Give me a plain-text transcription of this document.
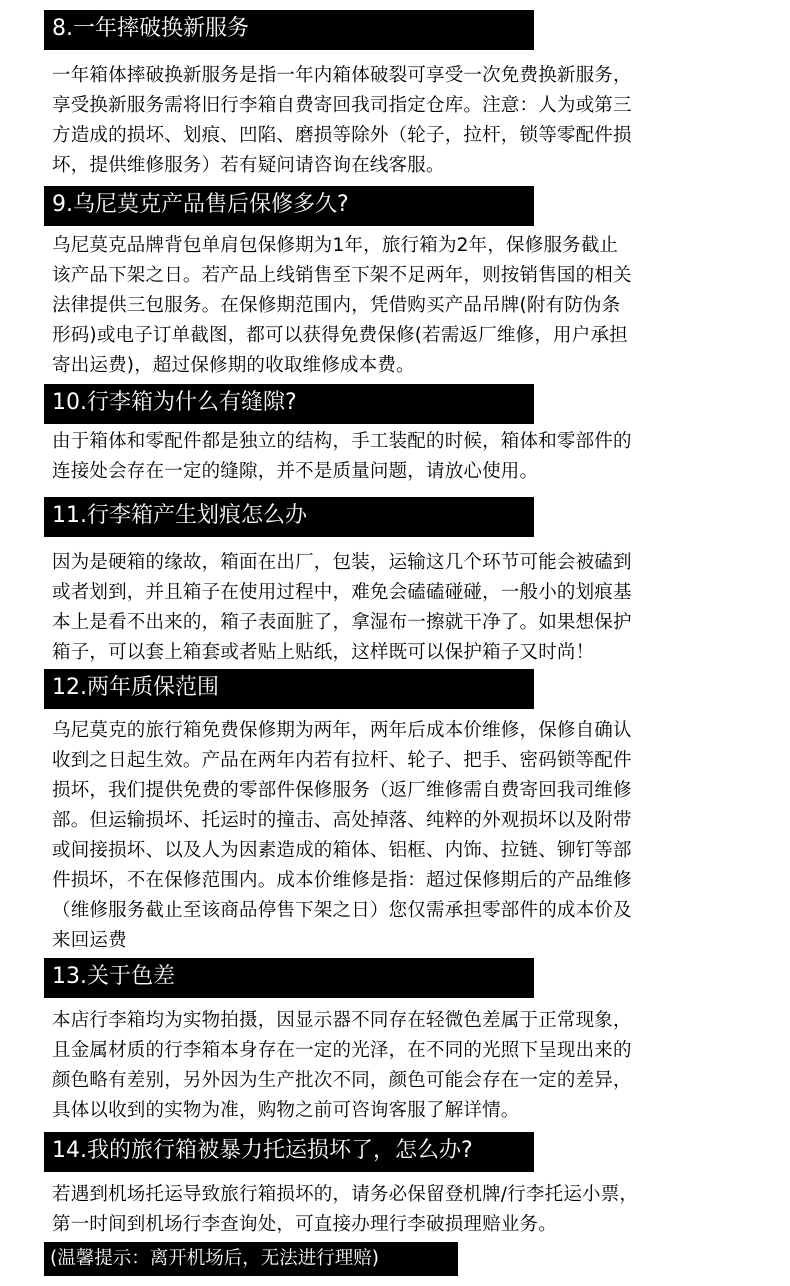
8.一年摔破换新服务
一年箱体摔破换新服务是指一年内箱体破裂可享受一次免费换新服务，
享受换新服务需将旧行李箱自费寄回我司指定仓库。注意：人为或第三
方造成的损坏、划痕、凹陷、磨损等除外（轮子，拉杆，锁等零配件损
坏，提供维修服务）若有疑问请咨询在线客服。
9.乌尼莫克产品售后保修多久?
乌尼莫克品牌背包单肩包保修期为1年，旅行箱为2年，保修服务截止
该产品下架之日。若产品上线销售至下架不足两年，则按销售国的相关
法律提供三包服务。在保修期范围内，凭借购买产品吊牌(附有防伪条
形码)或电子订单截图，都可以获得免费保修(若需返厂维修，用户承担
寄出运费)，超过保修期的收取维修成本费。
10.行李箱为什么有缝隙?
由于箱体和零配件都是独立的结构，手工装配的时候，箱体和零部件的
连接处会存在一定的缝隙，并不是质量问题，请放心使用。
11.行李箱产生划痕怎么办
因为是硬箱的缘故，箱面在出厂，包装，运输这几个环节可能会被磕到
或者划到，并且箱子在使用过程中，难免会磕磕碰碰，一般小的划痕基
本上是看不出来的，箱子表面脏了，拿湿布一擦就干净了。如果想保护
箱子，可以套上箱套或者贴上贴纸，这样既可以保护箱子又时尚！
12.两年质保范围
乌尼莫克的旅行箱免费保修期为两年，两年后成本价维修，保修自确认
收到之日起生效。产品在两年内若有拉杆、轮子、把手、密码锁等配件
损坏，我们提供免费的零部件保修服务（返厂维修需自费寄回我司维修
部。但运输损坏、托运时的撞击、高处掉落、纯粹的外观损坏以及附带
或间接损坏、以及人为因素造成的箱体、铝框、内饰、拉链、铆钉等部
件损坏，不在保修范围内。成本价维修是指：超过保修期后的产品维修
（维修服务截止至该商品停售下架之日）您仅需承担零部件的成本价及
来回运费
13.关于色差
本店行李箱均为实物拍摄，因显示器不同存在轻微色差属于正常现象，
且金属材质的行李箱本身存在一定的光泽，在不同的光照下呈现出来的
颜色略有差别，另外因为生产批次不同，颜色可能会存在一定的差异，
具体以收到的实物为准，购物之前可咨询客服了解详情。
14.我的旅行箱被暴力托运损坏了，怎么办?
若遇到机场托运导致旅行箱损坏的，请务必保留登机牌/行李托运小票，
第一时间到机场行李查询处，可直接办理行李破损理赔业务。
(温馨提示：离开机场后，无法进行理赔)
